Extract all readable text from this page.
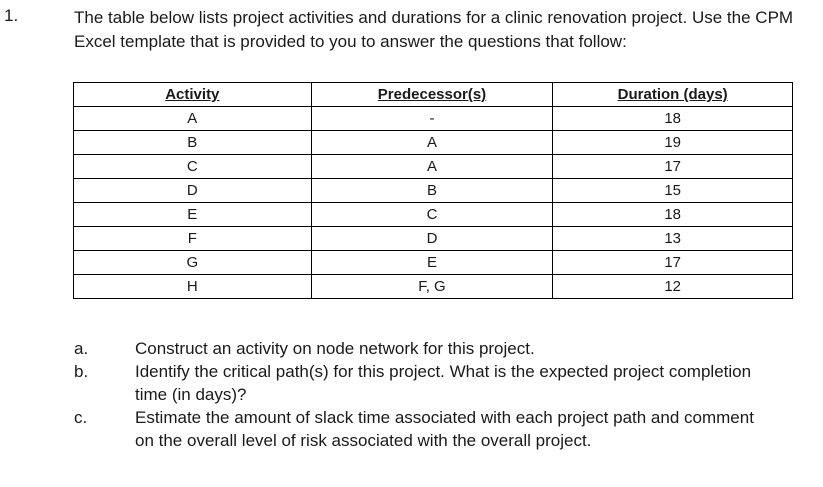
1.	The table below lists project activities and durations for a clinic renovation project. Use the CPM Excel template that is provided to you to answer the questions that follow:
Activity	Predecessor(s)	Duration (days)
A	-	18
B	A	19
C	A	17
D	B	15
E	C	18
F	D	13
G	E	17
H	F, G	12
a.	Construct an activity on node network for this project.
b.	Identify the critical path(s) for this project. What is the expected project completion time (in days)?
c.	Estimate the amount of slack time associated with each project path and comment on the overall level of risk associated with the overall project.
